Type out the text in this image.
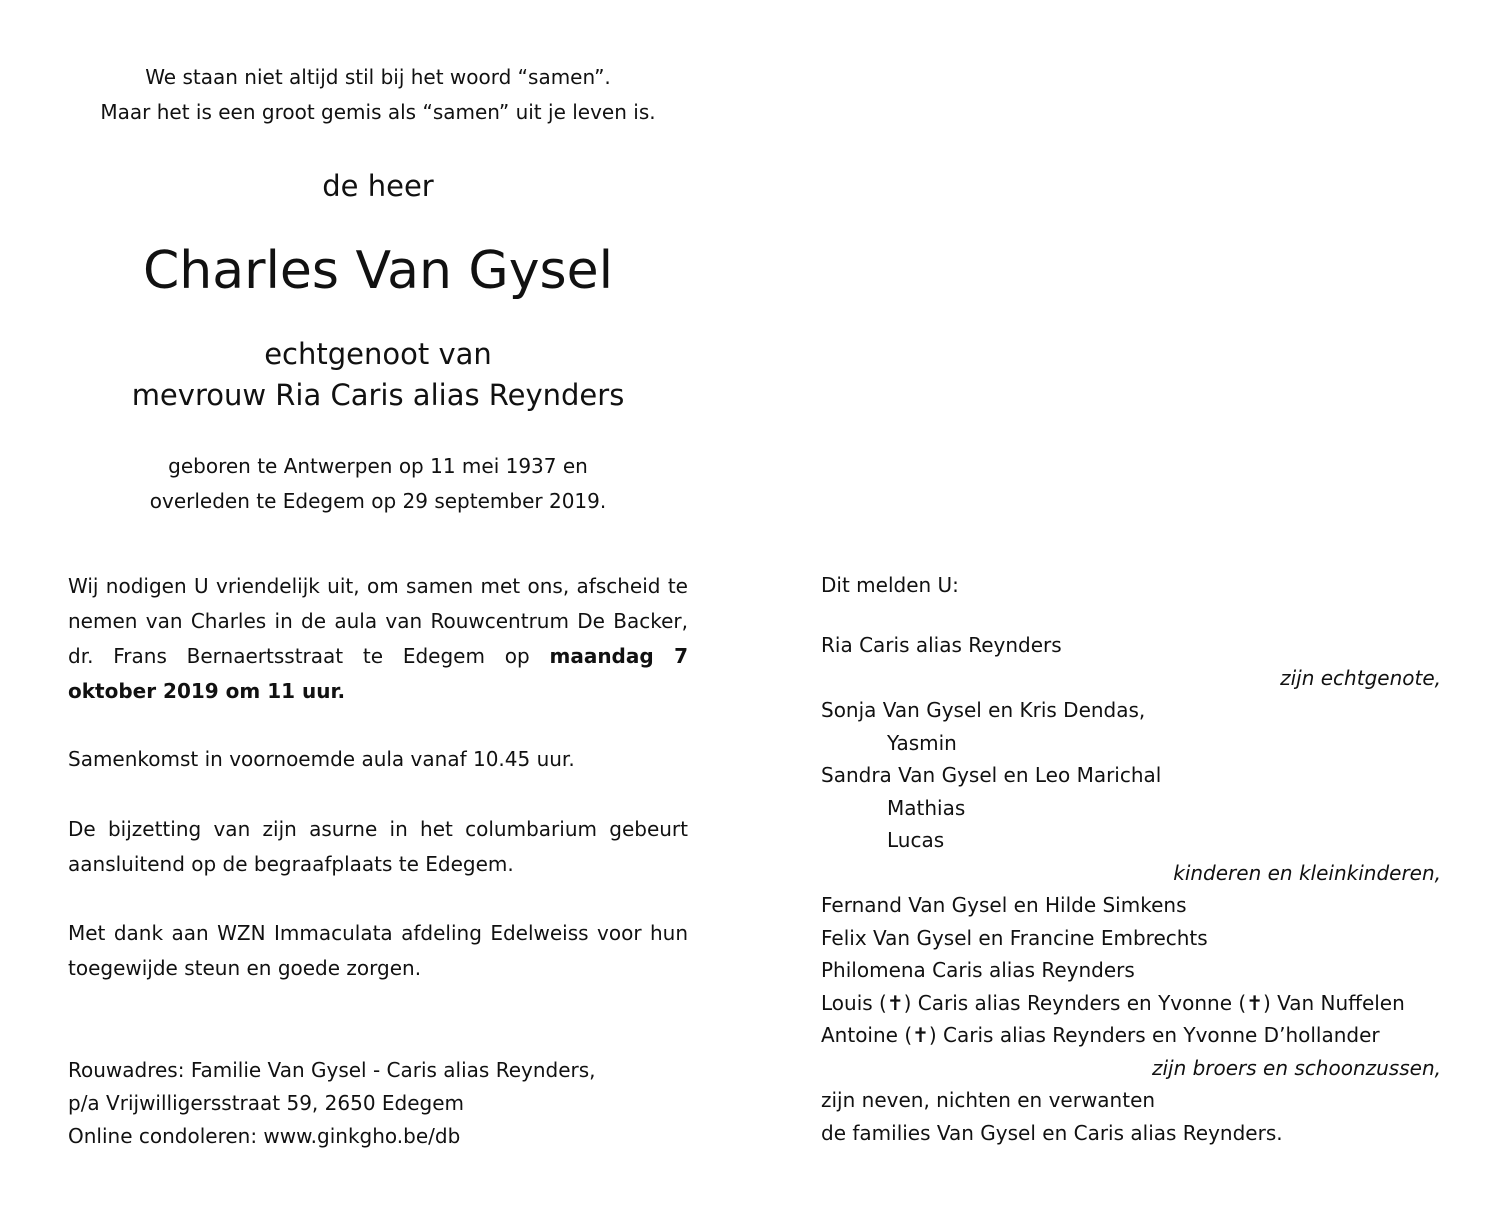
We staan niet altijd stil bij het woord “samen”.
Maar het is een groot gemis als “samen” uit je leven is.
de heer
Charles Van Gysel
echtgenoot van
mevrouw Ria Caris alias Reynders
geboren te Antwerpen op 11 mei 1937 en
overleden te Edegem op 29 september 2019.
Wij nodigen U vriendelijk uit, om samen met ons, afscheid te nemen van Charles in de aula van Rouwcentrum De Backer, dr. Frans Bernaertsstraat te Edegem op maandag 7 oktober 2019 om 11 uur.
Samenkomst in voornoemde aula vanaf 10.45 uur.
De bijzetting van zijn asurne in het columbarium gebeurt aansluitend op de begraafplaats te Edegem.
Met dank aan WZN Immaculata afdeling Edelweiss voor hun toegewijde steun en goede zorgen.
Rouwadres: Familie Van Gysel - Caris alias Reynders,
p/a Vrijwilligersstraat 59, 2650 Edegem
Online condoleren: www.ginkgho.be/db
Dit melden U:
Ria Caris alias Reynders
zijn echtgenote,
Sonja Van Gysel en Kris Dendas,
Yasmin
Sandra Van Gysel en Leo Marichal
Mathias
Lucas
kinderen en kleinkinderen,
Fernand Van Gysel en Hilde Simkens
Felix Van Gysel en Francine Embrechts
Philomena Caris alias Reynders
Louis (✝) Caris alias Reynders en Yvonne (✝) Van Nuffelen
Antoine (✝) Caris alias Reynders en Yvonne D’hollander
zijn broers en schoonzussen,
zijn neven, nichten en verwanten
de families Van Gysel en Caris alias Reynders.
